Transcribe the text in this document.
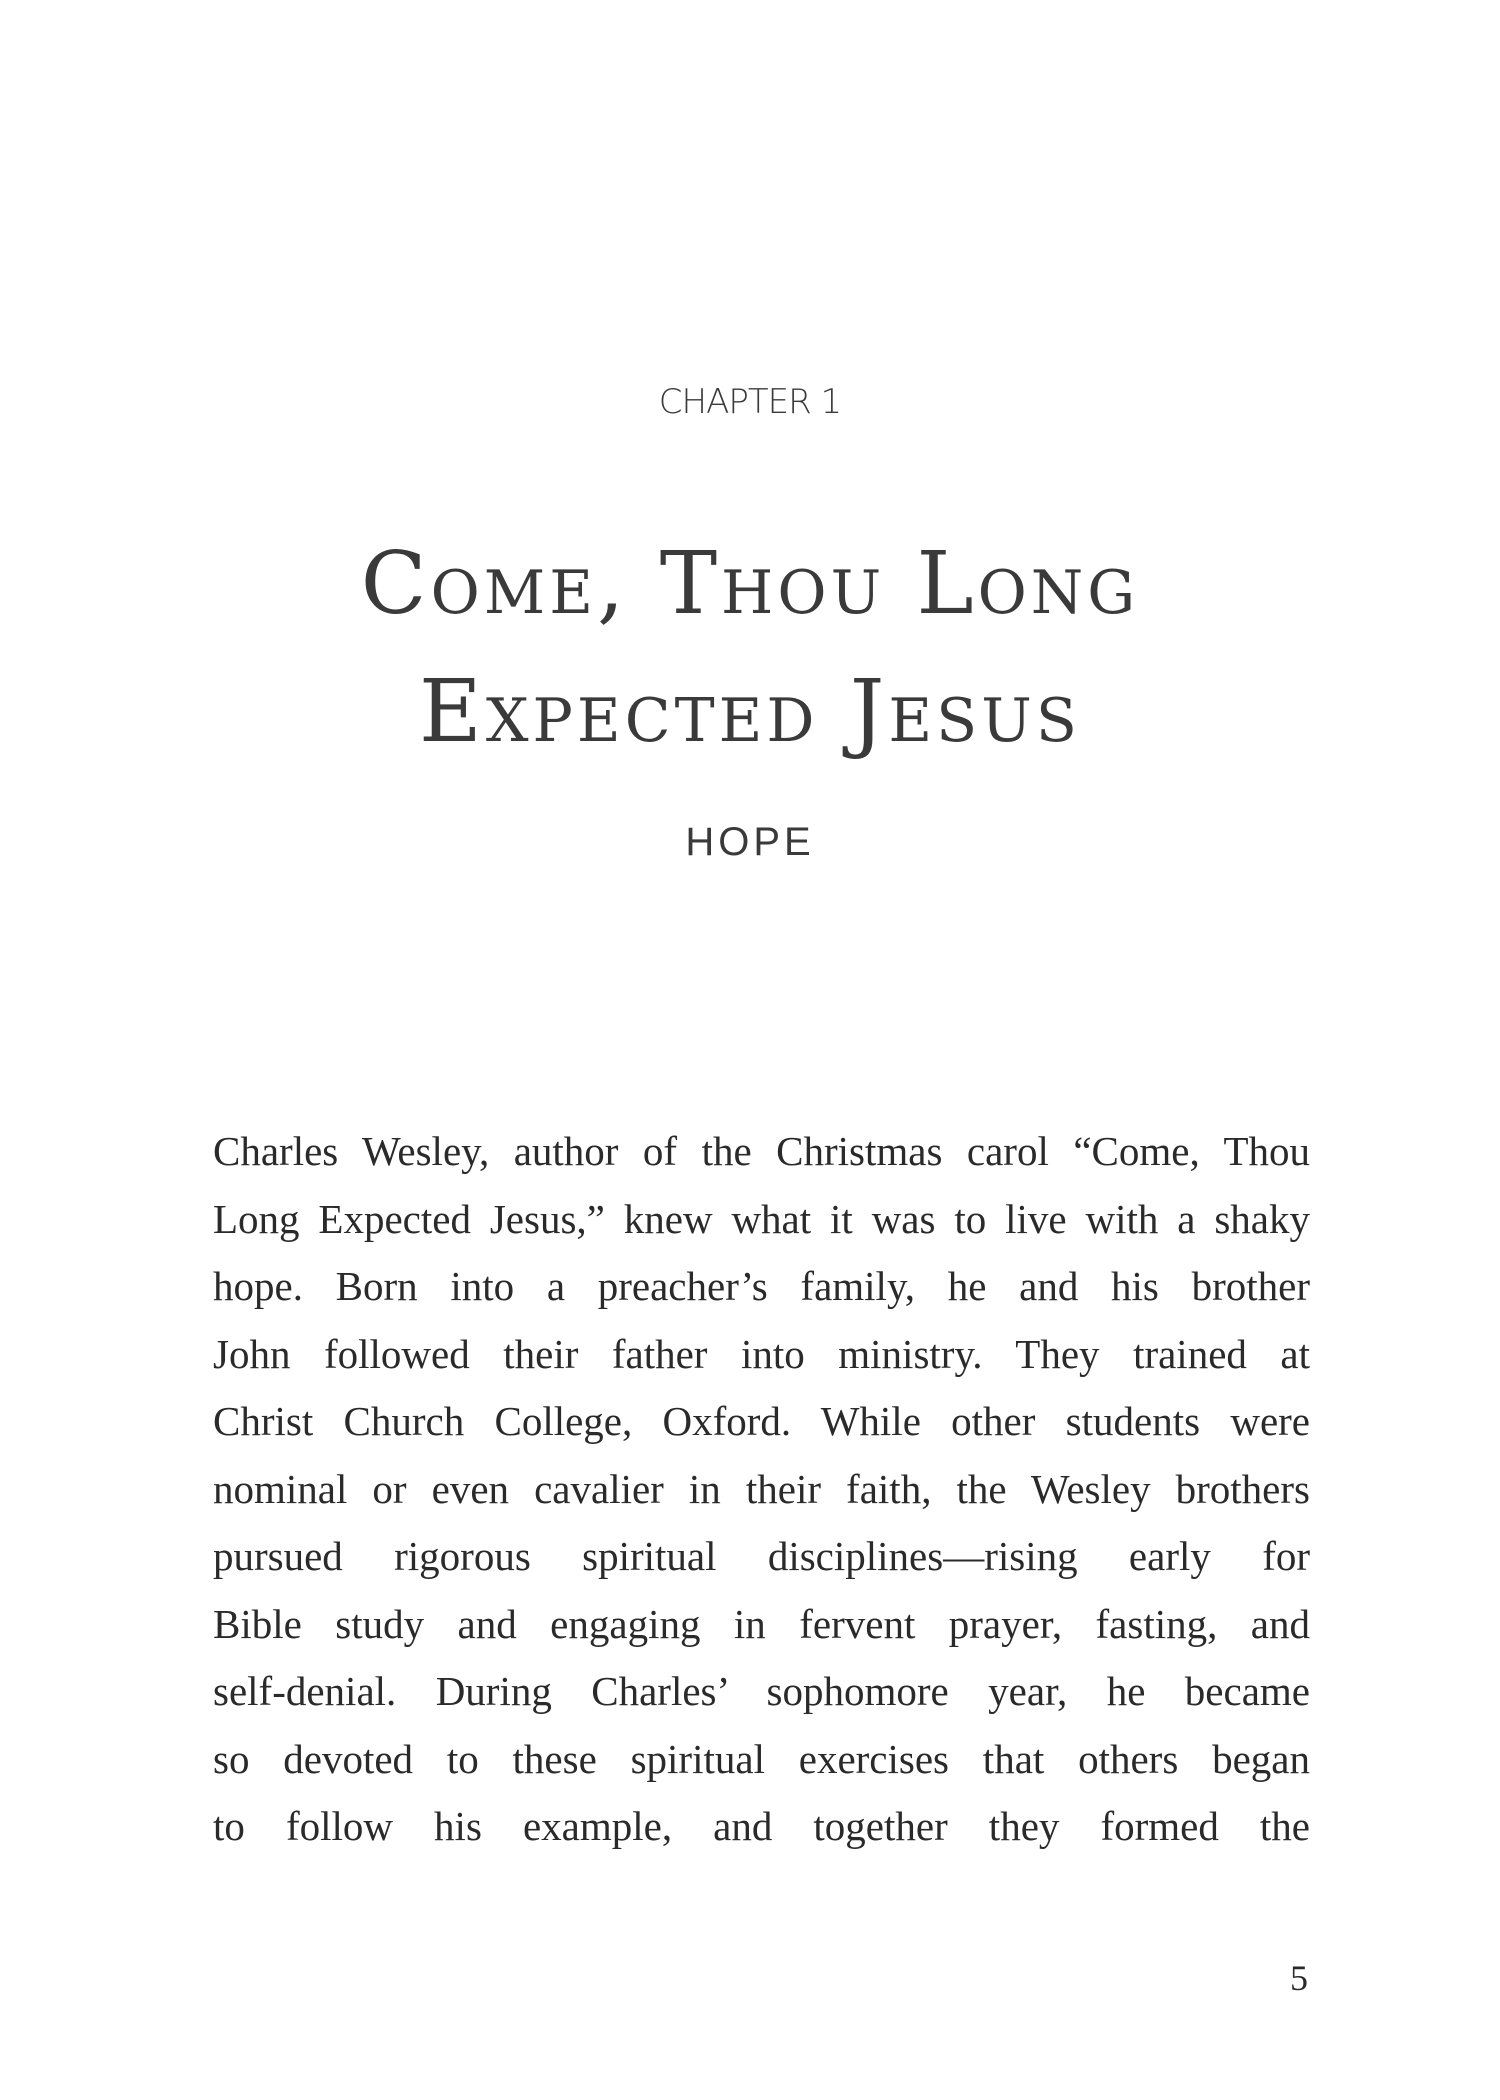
CHAPTER 1
Come, Thou Long
Expected Jesus
HOPE

Charles Wesley, author of the Christmas carol “Come, Thou
Long Expected Jesus,” knew what it was to live with a shaky
hope. Born into a preacher’s family, he and his brother
John followed their father into ministry. They trained at
Christ Church College, Oxford. While other students were
nominal or even cavalier in their faith, the Wesley brothers
pursued rigorous spiritual disciplines—rising early for
Bible study and engaging in fervent prayer, fasting, and
self-denial. During Charles’ sophomore year, he became
so devoted to these spiritual exercises that others began
to follow his example, and together they formed the

5
